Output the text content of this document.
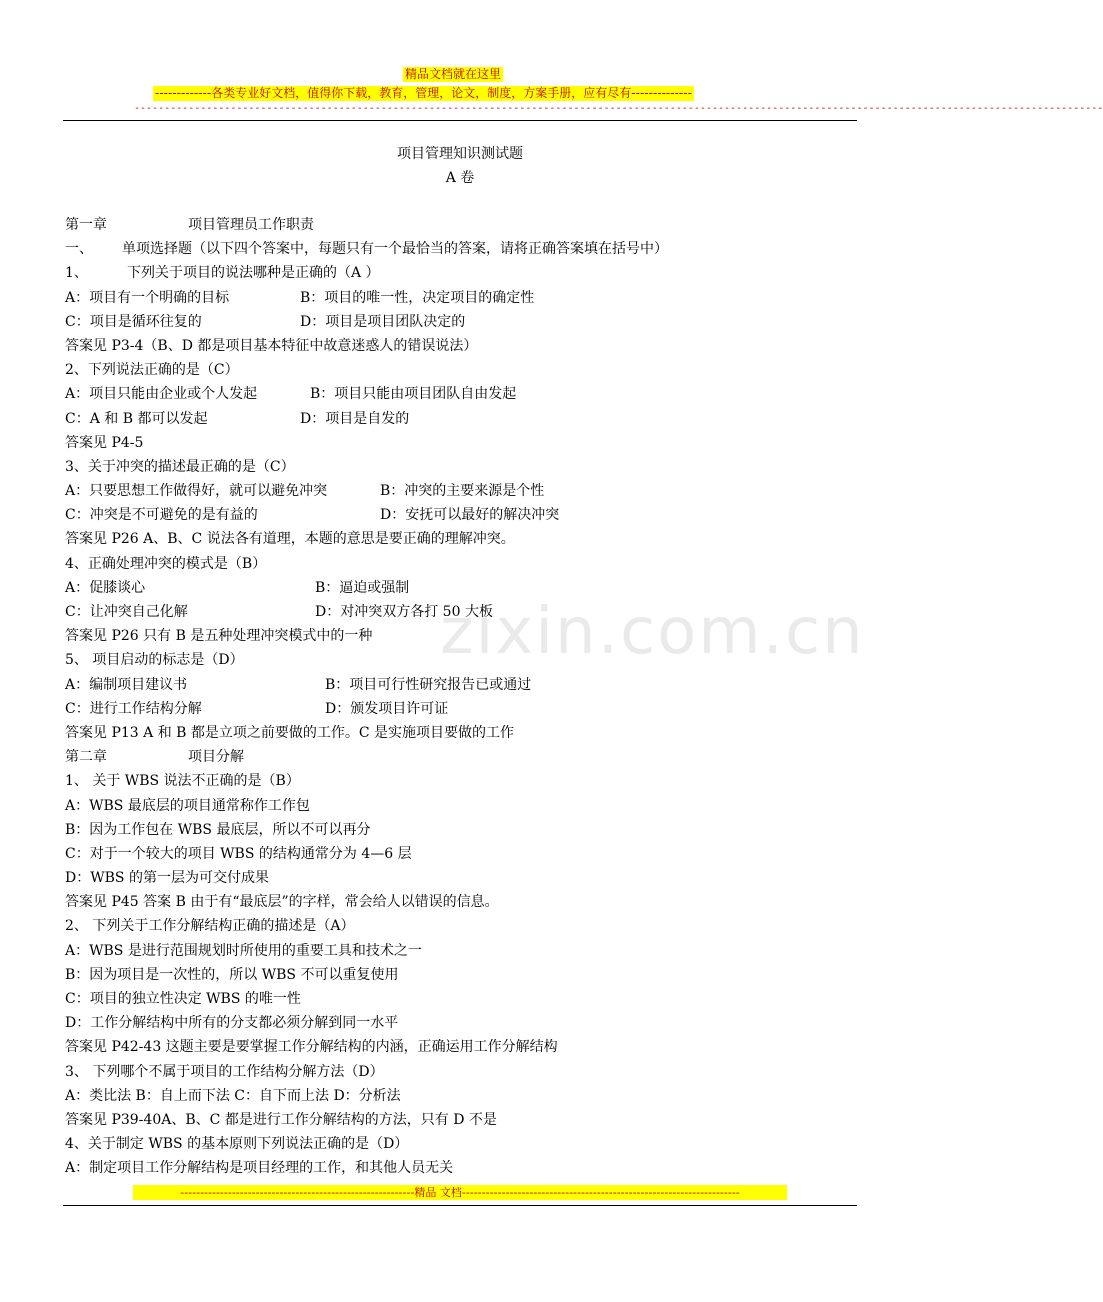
精品文档就在这里
-------------各类专业好文档，值得你下载，教育，管理，论文，制度，方案手册，应有尽有--------------
-----------------------------------------------------------------------------------------------------------------------------------------------------------------
项目管理知识测试题
A 卷
zixin.com.cn
第一章	项目管理员工作职责
一、 单项选择题（以下四个答案中，每题只有一个最恰当的答案，请将正确答案填在括号中）
1、	下列关于项目的说法哪种是正确的（A ）
A：项目有一个明确的目标	B：项目的唯一性，决定项目的确定性
C：项目是循环往复的	D：项目是项目团队决定的
答案见 P3-4（B、D 都是项目基本特征中故意迷惑人的错误说法）
2、下列说法正确的是（C）
A：项目只能由企业或个人发起	B：项目只能由项目团队自由发起
C：A 和 B 都可以发起	D：项目是自发的
答案见 P4-5
3、关于冲突的描述最正确的是（C）
A：只要思想工作做得好，就可以避免冲突	B：冲突的主要来源是个性
C：冲突是不可避免的是有益的	D：安抚可以最好的解决冲突
答案见 P26 A、B、C 说法各有道理，本题的意思是要正确的理解冲突。
4、正确处理冲突的模式是（B）
A：促膝谈心	B：逼迫或强制
C：让冲突自己化解	D：对冲突双方各打 50 大板
答案见 P26 只有 B 是五种处理冲突模式中的一种
5、 项目启动的标志是（D）
A：编制项目建议书	B：项目可行性研究报告已或通过
C：进行工作结构分解	D：颁发项目许可证
答案见 P13 A 和 B 都是立项之前要做的工作。C 是实施项目要做的工作
第二章	项目分解
1、 关于 WBS 说法不正确的是（B）
A：WBS 最底层的项目通常称作工作包
B：因为工作包在 WBS 最底层，所以不可以再分
C：对于一个较大的项目 WBS 的结构通常分为 4—6 层
D：WBS 的第一层为可交付成果
答案见 P45 答案 B 由于有“最底层”的字样，常会给人以错误的信息。
2、 下列关于工作分解结构正确的描述是（A）
A：WBS 是进行范围规划时所使用的重要工具和技术之一
B：因为项目是一次性的，所以 WBS 不可以重复使用
C：项目的独立性决定 WBS 的唯一性
D：工作分解结构中所有的分支都必须分解到同一水平
答案见 P42-43 这题主要是要掌握工作分解结构的内涵，正确运用工作分解结构
3、 下列哪个不属于项目的工作结构分解方法（D）
A：类比法 B：自上而下法 C：自下而上法 D：分析法
答案见 P39-40A、B、C 都是进行工作分解结构的方法，只有 D 不是
4、关于制定 WBS 的基本原则下列说法正确的是（D）
A：制定项目工作分解结构是项目经理的工作，和其他人员无关
-----------------------------------------------------------精品 文档----------------------------------------------------------------------
